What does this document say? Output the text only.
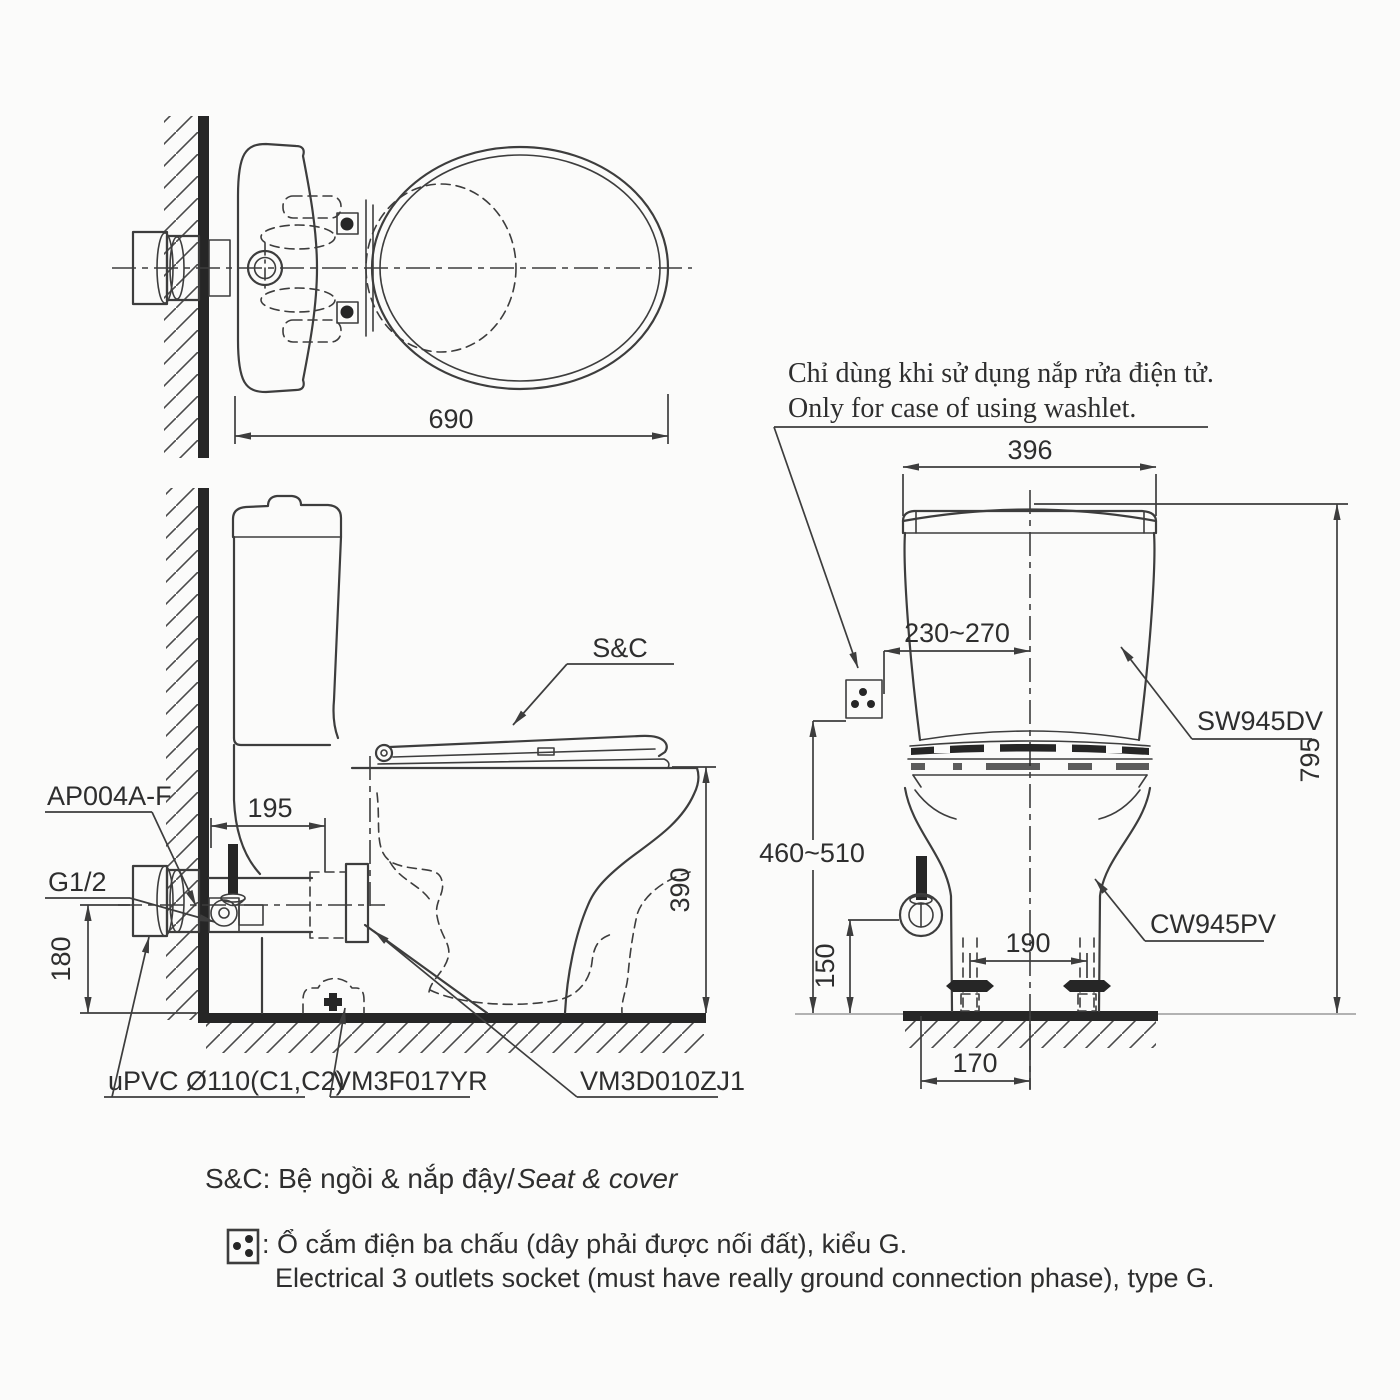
690
195
180
390
S&C
AP004A-F
G1/2
uPVC Ø110(C1,C2)
VM3F017YR	VM3D010ZJ1
Chỉ dùng khi sử dụng nắp rửa điện tử.
Only for case of using washlet.
396
230~270
795
460~510
150
190
170
SW945DV
CW945PV
S&C: Bệ ngồi & nắp đậy/ Seat & cover
: Ổ cắm điện ba chấu (dây phải được nối đất), kiểu G.
Electrical 3 outlets socket (must have really ground connection phase), type G.
